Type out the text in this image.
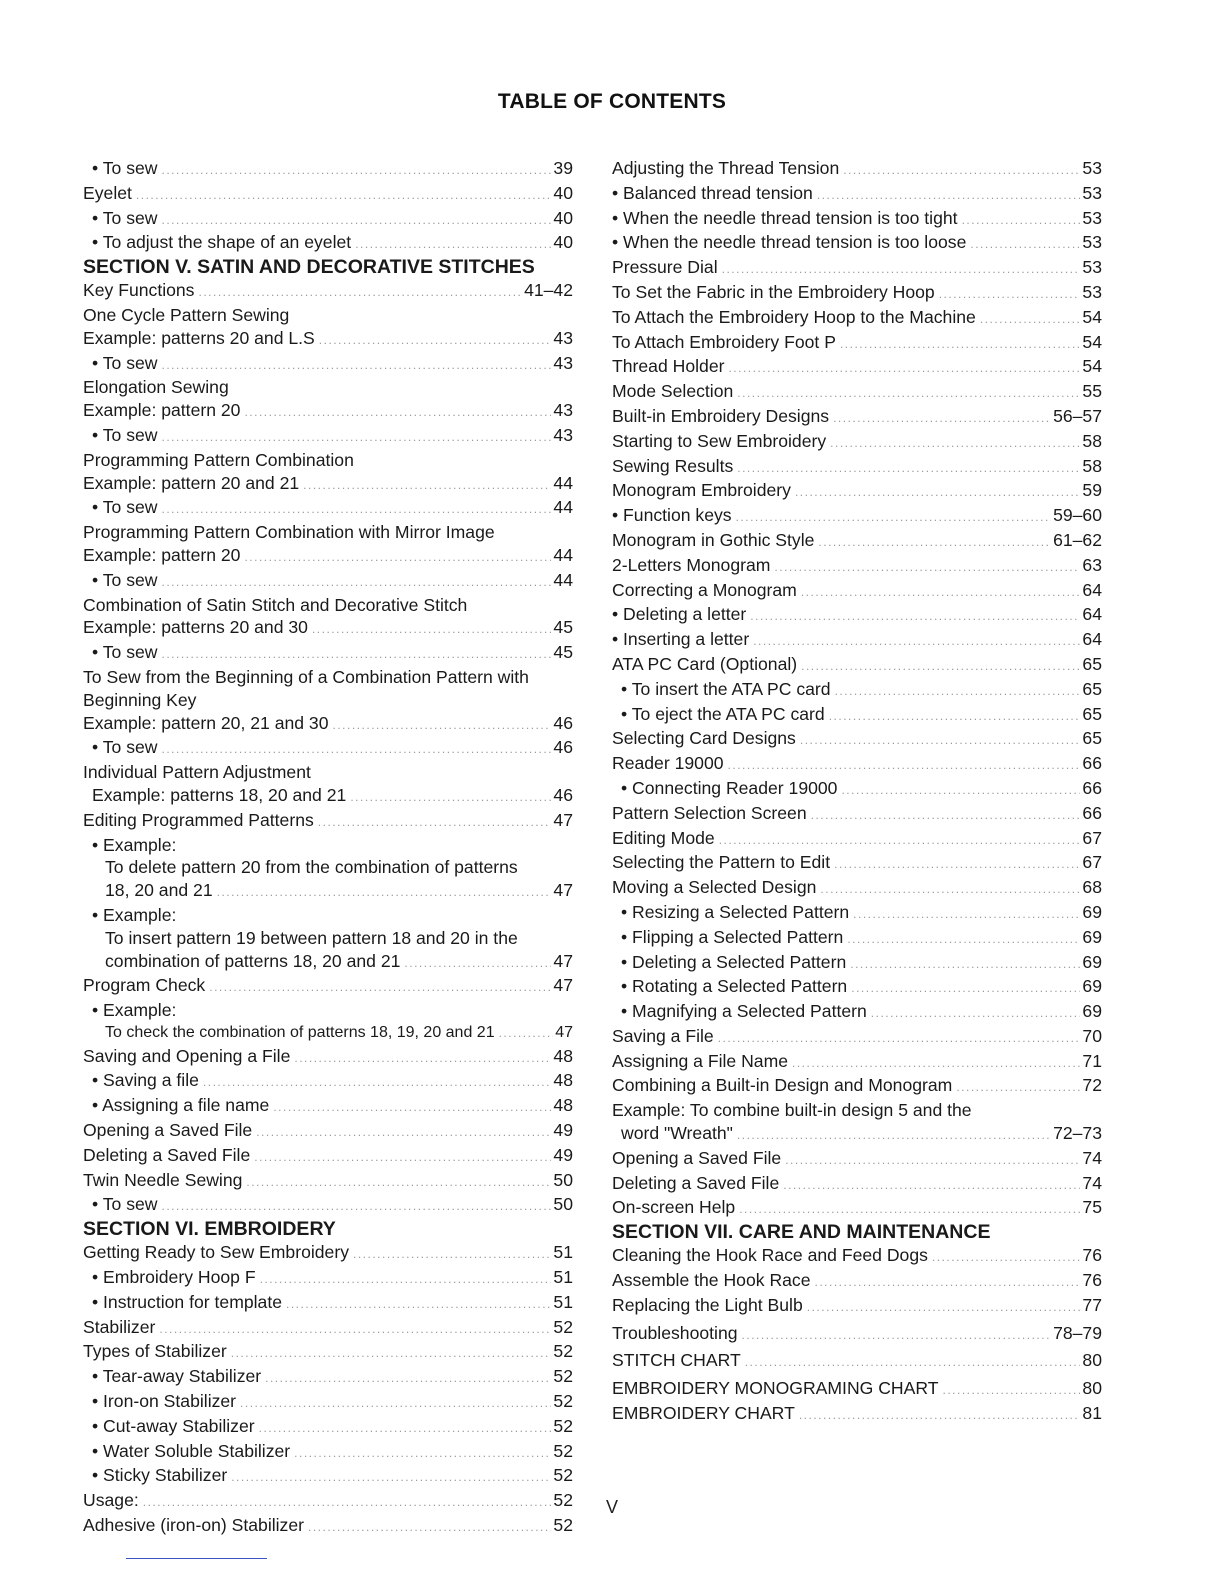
TABLE OF CONTENTS
• To sew .....	39
Eyelet .....	40
• To sew .....	40
• To adjust the shape of an eyelet .....	40
SECTION V. SATIN AND DECORATIVE STITCHES
Key Functions .....	41–42
One Cycle Pattern Sewing
Example: patterns 20 and L.S .....	43
• To sew .....	43
Elongation Sewing
Example: pattern 20 .....	43
• To sew .....	43
Programming Pattern Combination
Example: pattern 20 and 21 .....	44
• To sew .....	44
Programming Pattern Combination with Mirror Image
Example: pattern 20 .....	44
• To sew .....	44
Combination of Satin Stitch and Decorative Stitch
Example: patterns 20 and 30 .....	45
• To sew .....	45
To Sew from the Beginning of a Combination Pattern with
Beginning Key
Example: pattern 20, 21 and 30 .....	46
• To sew .....	46
Individual Pattern Adjustment
Example: patterns 18, 20 and 21 .....	46
Editing Programmed Patterns .....	47
• Example:
To delete pattern 20 from the combination of patterns
18, 20 and 21 .....	47
• Example:
To insert pattern 19 between pattern 18 and 20 in the
combination of patterns 18, 20 and 21 .....	47
Program Check .....	47
• Example:
To check the combination of patterns 18, 19, 20 and 21 .....	47
Saving and Opening a File .....	48
• Saving a file .....	48
• Assigning a file name .....	48
Opening a Saved File .....	49
Deleting a Saved File .....	49
Twin Needle Sewing .....	50
• To sew .....	50
SECTION VI. EMBROIDERY
Getting Ready to Sew Embroidery .....	51
• Embroidery Hoop F .....	51
• Instruction for template .....	51
Stabilizer .....	52
Types of Stabilizer .....	52
• Tear-away Stabilizer .....	52
• Iron-on Stabilizer .....	52
• Cut-away Stabilizer .....	52
• Water Soluble Stabilizer .....	52
• Sticky Stabilizer .....	52
Usage: .....	52
Adhesive (iron-on) Stabilizer .....	52
Adjusting the Thread Tension .....	53
• Balanced thread tension .....	53
• When the needle thread tension is too tight .....	53
• When the needle thread tension is too loose .....	53
Pressure Dial .....	53
To Set the Fabric in the Embroidery Hoop .....	53
To Attach the Embroidery Hoop to the Machine .....	54
To Attach Embroidery Foot P .....	54
Thread Holder .....	54
Mode Selection .....	55
Built-in Embroidery Designs .....	56–57
Starting to Sew Embroidery .....	58
Sewing Results .....	58
Monogram Embroidery .....	59
• Function keys .....	59–60
Monogram in Gothic Style .....	61–62
2-Letters Monogram .....	63
Correcting a Monogram .....	64
• Deleting a letter .....	64
• Inserting a letter .....	64
ATA PC Card (Optional) .....	65
• To insert the ATA PC card .....	65
• To eject the ATA PC card .....	65
Selecting Card Designs .....	65
Reader 19000 .....	66
• Connecting Reader 19000 .....	66
Pattern Selection Screen .....	66
Editing Mode .....	67
Selecting the Pattern to Edit .....	67
Moving a Selected Design .....	68
• Resizing a Selected Pattern .....	69
• Flipping a Selected Pattern .....	69
• Deleting a Selected Pattern .....	69
• Rotating a Selected Pattern .....	69
• Magnifying a Selected Pattern .....	69
Saving a File .....	70
Assigning a File Name .....	71
Combining a Built-in Design and Monogram .....	72
Example: To combine built-in design 5 and the
word "Wreath" .....	72–73
Opening a Saved File .....	74
Deleting a Saved File .....	74
On-screen Help .....	75
SECTION VII. CARE AND MAINTENANCE
Cleaning the Hook Race and Feed Dogs .....	76
Assemble the Hook Race .....	76
Replacing the Light Bulb .....	77
Troubleshooting .....	78–79
STITCH CHART .....	80
EMBROIDERY MONOGRAMING CHART .....	80
EMBROIDERY CHART .....	81
V
